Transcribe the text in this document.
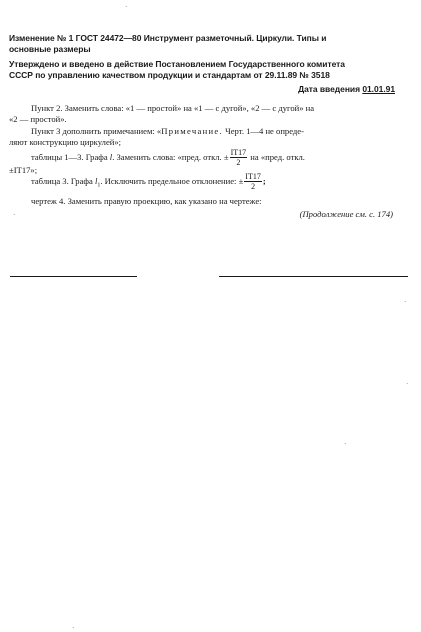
Изменение № 1 ГОСТ 24472—80 Инструмент разметочный. Циркули. Типы и
основные размеры
Утверждено и введено в действие Постановлением Государственного комитета
СССР по управлению качеством продукции и стандартам от 29.11.89 № 3518
Дата введения 01.01.91
Пункт 2. Заменить слова: «1 — простой» на «1 — с дугой», «2 — с дугой» на
«2 — простой».
Пункт 3 дополнить примечанием: «Примечание. Черт. 1—4 не опреде-
ляют конструкцию циркулей»;
таблицы 1—3. Графа l. Заменить слова: «пред. откл. ± $\frac{IT17}{2}$ на «пред. откл.
±IT17»;
таблица 3. Графа $l_1$. Исключить предельное отклонение: ± $\frac{IT17}{2}$ ;
чертеж 4. Заменить правую проекцию, как указано на чертеже:
(Продолжение см. с. 174)
·
·
·
·
·
·
